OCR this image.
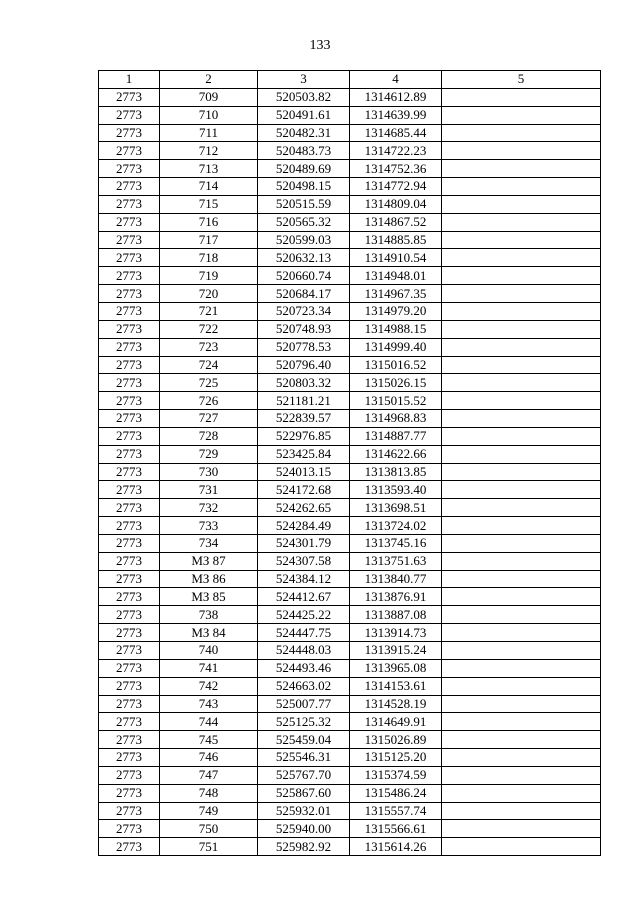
133
1	2	3	4	5
2773	709	520503.82	1314612.89	
2773	710	520491.61	1314639.99	
2773	711	520482.31	1314685.44	
2773	712	520483.73	1314722.23	
2773	713	520489.69	1314752.36	
2773	714	520498.15	1314772.94	
2773	715	520515.59	1314809.04	
2773	716	520565.32	1314867.52	
2773	717	520599.03	1314885.85	
2773	718	520632.13	1314910.54	
2773	719	520660.74	1314948.01	
2773	720	520684.17	1314967.35	
2773	721	520723.34	1314979.20	
2773	722	520748.93	1314988.15	
2773	723	520778.53	1314999.40	
2773	724	520796.40	1315016.52	
2773	725	520803.32	1315026.15	
2773	726	521181.21	1315015.52	
2773	727	522839.57	1314968.83	
2773	728	522976.85	1314887.77	
2773	729	523425.84	1314622.66	
2773	730	524013.15	1313813.85	
2773	731	524172.68	1313593.40	
2773	732	524262.65	1313698.51	
2773	733	524284.49	1313724.02	
2773	734	524301.79	1313745.16	
2773	МЗ 87	524307.58	1313751.63	
2773	МЗ 86	524384.12	1313840.77	
2773	МЗ 85	524412.67	1313876.91	
2773	738	524425.22	1313887.08	
2773	МЗ 84	524447.75	1313914.73	
2773	740	524448.03	1313915.24	
2773	741	524493.46	1313965.08	
2773	742	524663.02	1314153.61	
2773	743	525007.77	1314528.19	
2773	744	525125.32	1314649.91	
2773	745	525459.04	1315026.89	
2773	746	525546.31	1315125.20	
2773	747	525767.70	1315374.59	
2773	748	525867.60	1315486.24	
2773	749	525932.01	1315557.74	
2773	750	525940.00	1315566.61	
2773	751	525982.92	1315614.26	
